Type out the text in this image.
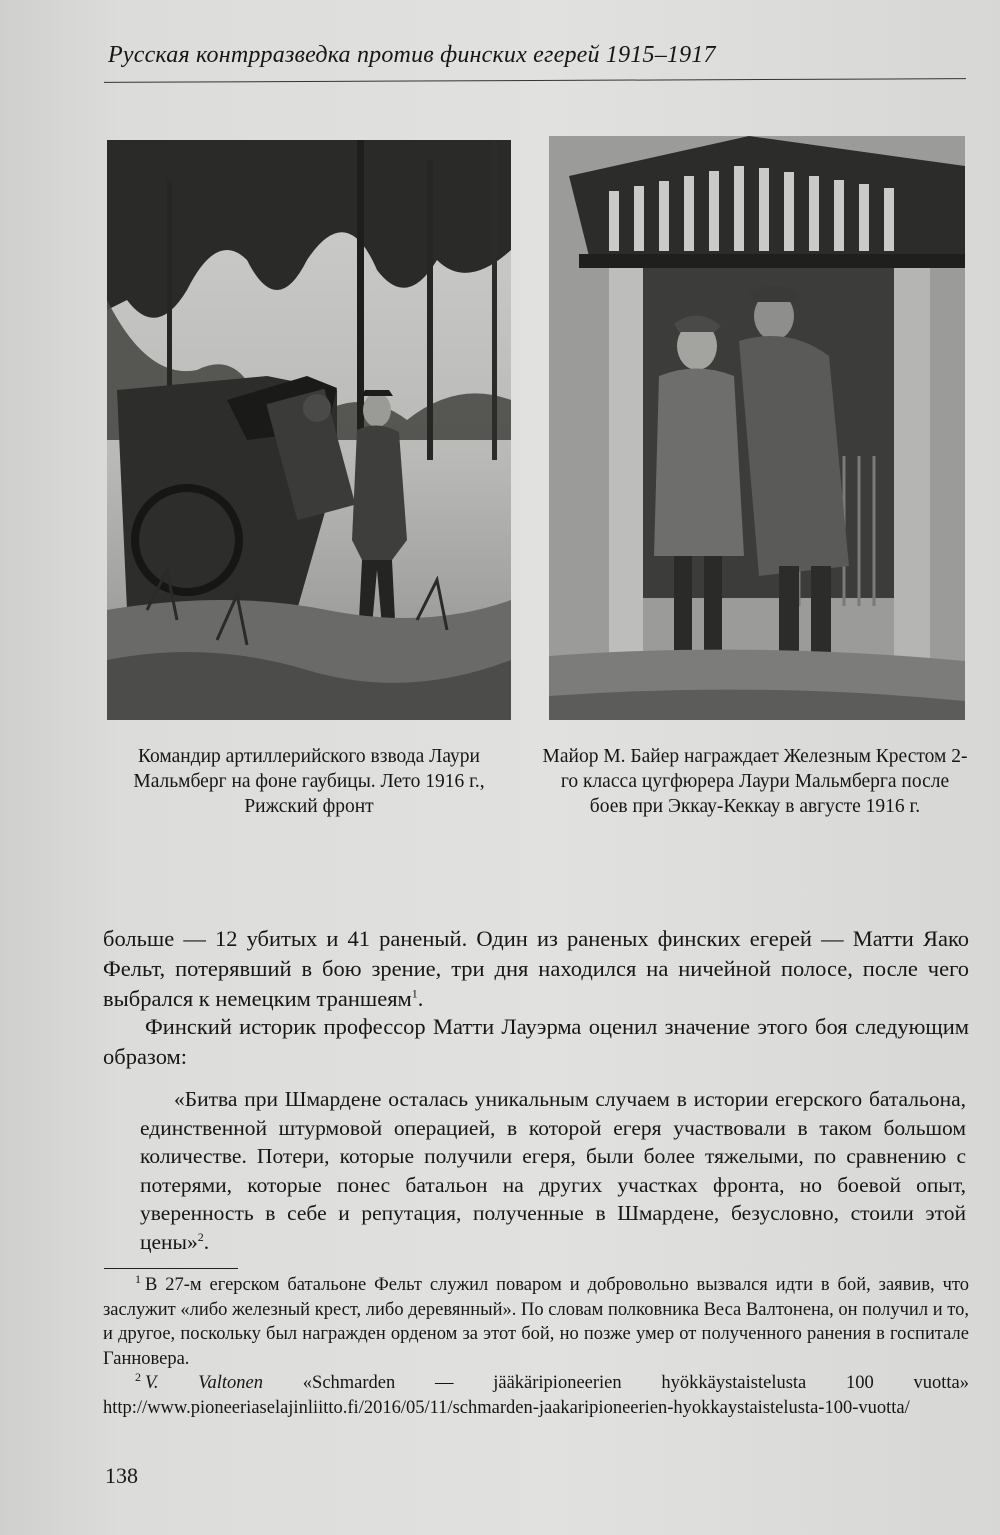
Русская контрразведка против финских егерей 1915–1917
Командир артиллерийского взвода Лаури Мальмберг на фоне гаубицы. Лето 1916 г., Рижский фронт
Майор М. Байер награждает Железным Крестом 2-го класса цугфюрера Лаури Мальмберга после боев при Эккау-Кеккау в августе 1916 г.
больше — 12 убитых и 41 раненый. Один из раненых финских егерей — Матти Яако Фельт, потерявший в бою зрение, три дня находился на ничейной полосе, после чего выбрался к немецким траншеям$^1$.
Финский историк профессор Матти Лауэрма оценил значение этого боя следующим образом:
«Битва при Шмардене осталась уникальным случаем в истории егерского батальона, единственной штурмовой операцией, в которой егеря участвовали в таком большом количестве. Потери, которые получили егеря, были более тяжелыми, по сравнению с потерями, которые понес батальон на других участках фронта, но боевой опыт, уверенность в себе и репутация, полученные в Шмардене, безусловно, стоили этой цены»$^2$.
$^1$ В 27-м егерском батальоне Фельт служил поваром и добровольно вызвался идти в бой, заявив, что заслужит «либо железный крест, либо деревянный». По словам полковника Веса Валтонена, он получил и то, и другое, поскольку был награжден орденом за этот бой, но позже умер от полученного ранения в госпитале Ганновера.
$^2$ V. Valtonen «Schmarden — jääkäripioneerien hyökkäystaistelusta 100 vuotta» http://www.pioneeriaselajinliitto.fi/2016/05/11/schmarden-jaakaripioneerien-hyokkaystaistelusta-100-vuotta/
138
